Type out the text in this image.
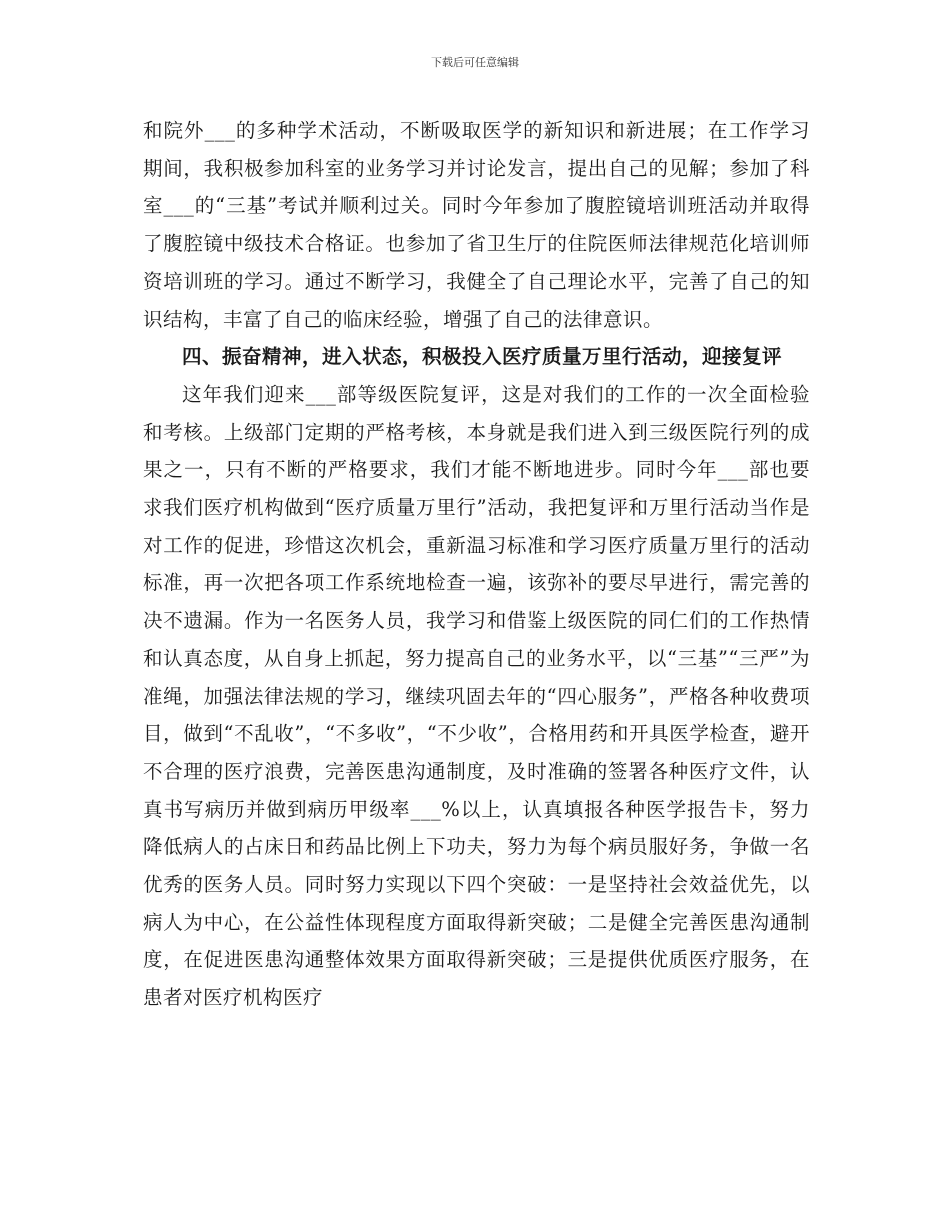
下载后可任意编辑

和院外___的多种学术活动，不断吸取医学的新知识和新进展；在工作学习期间，我积极参加科室的业务学习并讨论发言，提出自己的见解；参加了科室___的“三基”考试并顺利过关。同时今年参加了腹腔镜培训班活动并取得了腹腔镜中级技术合格证。也参加了省卫生厅的住院医师法律规范化培训师资培训班的学习。通过不断学习，我健全了自己理论水平，完善了自己的知识结构，丰富了自己的临床经验，增强了自己的法律意识。

四、振奋精神，进入状态，积极投入医疗质量万里行活动，迎接复评

这年我们迎来___部等级医院复评，这是对我们的工作的一次全面检验和考核。上级部门定期的严格考核，本身就是我们进入到三级医院行列的成果之一，只有不断的严格要求，我们才能不断地进步。同时今年___部也要求我们医疗机构做到“医疗质量万里行”活动，我把复评和万里行活动当作是对工作的促进，珍惜这次机会，重新温习标准和学习医疗质量万里行的活动标准，再一次把各项工作系统地检查一遍，该弥补的要尽早进行，需完善的决不遗漏。作为一名医务人员，我学习和借鉴上级医院的同仁们的工作热情和认真态度，从自身上抓起，努力提高自己的业务水平，以“三基”“三严”为准绳，加强法律法规的学习，继续巩固去年的“四心服务”，严格各种收费项目，做到“不乱收”，“不多收”，“不少收”，合格用药和开具医学检查，避开不合理的医疗浪费，完善医患沟通制度，及时准确的签署各种医疗文件，认真书写病历并做到病历甲级率___%以上，认真填报各种医学报告卡，努力降低病人的占床日和药品比例上下功夫，努力为每个病员服好务，争做一名优秀的医务人员。同时努力实现以下四个突破：一是坚持社会效益优先，以病人为中心，在公益性体现程度方面取得新突破；二是健全完善医患沟通制度，在促进医患沟通整体效果方面取得新突破；三是提供优质医疗服务，在患者对医疗机构医疗
